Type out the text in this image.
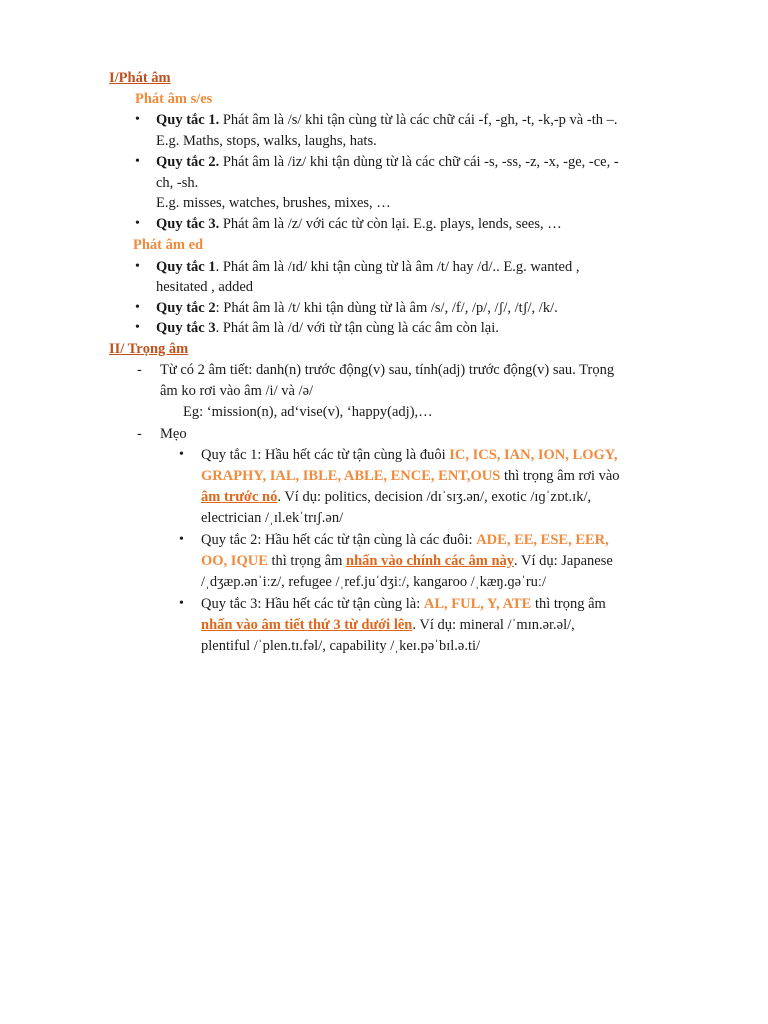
I/Phát âm
Phát âm s/es
• Quy tắc 1. Phát âm là /s/ khi tận cùng từ là các chữ cái -f, -gh, -t, -k,-p và -th –.
E.g. Maths, stops, walks, laughs, hats.
• Quy tắc 2. Phát âm là /iz/ khi tận dùng từ là các chữ cái -s, -ss, -z, -x, -ge, -ce, -
ch, -sh.
E.g. misses, watches, brushes, mixes, …
• Quy tắc 3. Phát âm là /z/ với các từ còn lại. E.g. plays, lends, sees, …
Phát âm ed
• Quy tắc 1. Phát âm là /ɪd/ khi tận cùng từ là âm /t/ hay /d/.. E.g. wanted ,
hesitated , added
• Quy tắc 2: Phát âm là /t/ khi tận dùng từ là âm /s/, /f/, /p/, /ʃ/, /tʃ/, /k/.
• Quy tắc 3. Phát âm là /d/ với từ tận cùng là các âm còn lại.
II/ Trọng âm
- Từ có 2 âm tiết: danh(n) trước động(v) sau, tính(adj) trước động(v) sau. Trọng
âm ko rơi vào âm /i/ và /ə/
Eg: ‘mission(n), ad‘vise(v), ‘happy(adj),…
- Mẹo
• Quy tắc 1: Hầu hết các từ tận cùng là đuôi IC, ICS, IAN, ION, LOGY,
GRAPHY, IAL, IBLE, ABLE, ENCE, ENT,OUS thì trọng âm rơi vào
âm trước nó. Ví dụ: politics, decision /dɪˈsɪʒ.ən/, exotic /ɪɡˈzɒt.ɪk/,
electrician /ˌɪl.ekˈtrɪʃ.ən/
• Quy tắc 2: Hầu hết các từ tận cùng là các đuôi: ADE, EE, ESE, EER,
OO, IQUE thì trọng âm nhấn vào chính các âm này. Ví dụ: Japanese
/ˌdʒæp.ənˈiːz/, refugee /ˌref.juˈdʒiː/, kangaroo /ˌkæŋ.ɡəˈruː/
• Quy tắc 3: Hầu hết các từ tận cùng là: AL, FUL, Y, ATE thì trọng âm
nhấn vào âm tiết thứ 3 từ dưới lên. Ví dụ: mineral /ˈmɪn.ər.əl/,
plentiful /ˈplen.tɪ.fəl/, capability /ˌkeɪ.pəˈbɪl.ə.ti/
